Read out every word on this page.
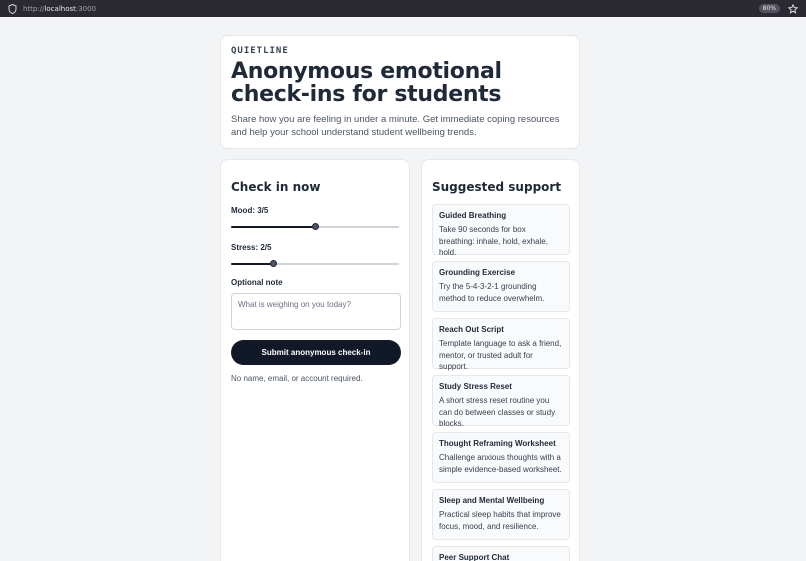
http://localhost:3000	80%
QUIETLINE
Anonymous emotional check-ins for students

Share how you are feeling in under a minute. Get immediate coping resources and help your school understand student wellbeing trends.

Check in now
Mood: 3/5
Stress: 2/5
Optional note
What is weighing on you today?
Submit anonymous check-in
No name, email, or account required.
Suggested support
Guided Breathing
Take 90 seconds for box breathing: inhale, hold, exhale, hold.
Grounding Exercise
Try the 5-4-3-2-1 grounding method to reduce overwhelm.
Reach Out Script
Template language to ask a friend, mentor, or trusted adult for support.
Study Stress Reset
A short stress reset routine you can do between classes or study blocks.
Thought Reframing Worksheet
Challenge anxious thoughts with a simple evidence-based worksheet.
Sleep and Mental Wellbeing
Practical sleep habits that improve focus, mood, and resilience.
Peer Support Chat
